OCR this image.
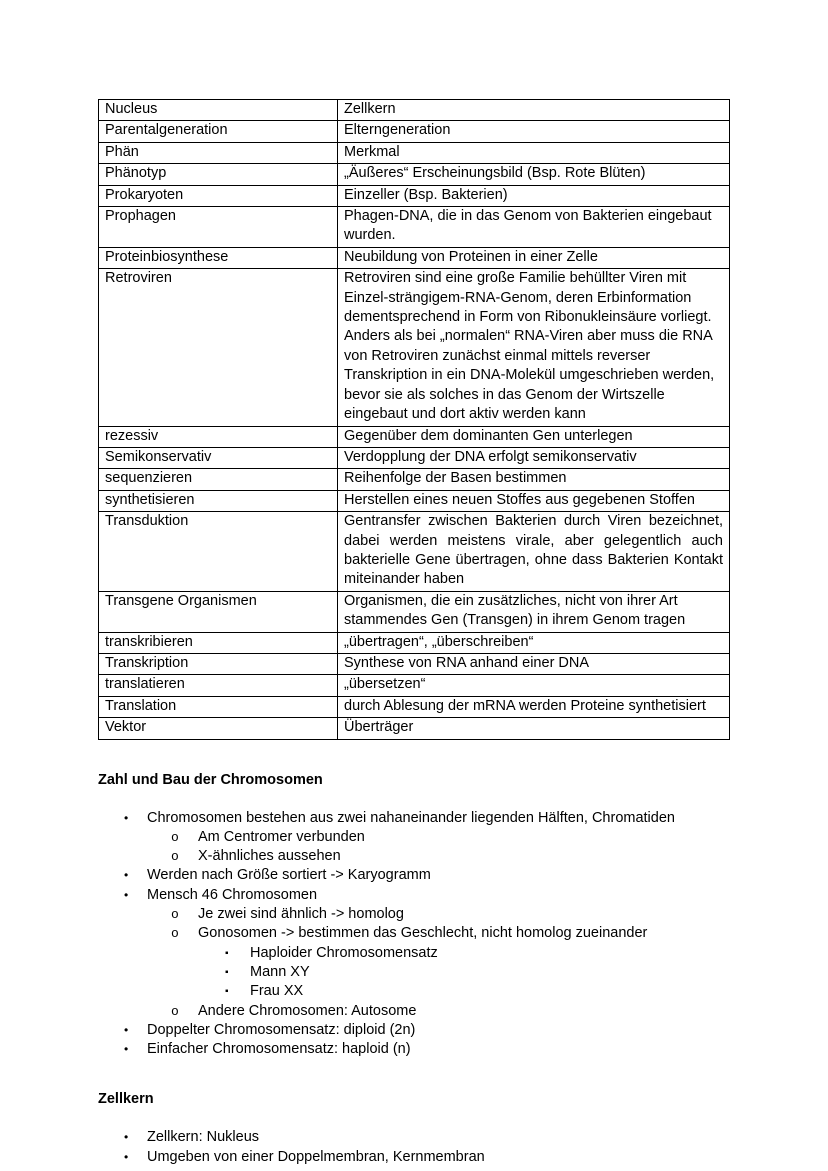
Nucleus	Zellkern
Parentalgeneration	Elterngeneration
Phän	Merkmal
Phänotyp	„Äußeres“ Erscheinungsbild (Bsp. Rote Blüten)
Prokaryoten	Einzeller (Bsp. Bakterien)
Prophagen	Phagen-DNA, die in das Genom von Bakterien eingebaut wurden.
Proteinbiosynthese	Neubildung von Proteinen in einer Zelle
Retroviren	Retroviren sind eine große Familie behüllter Viren mit Einzel-strängigem-RNA-Genom, deren Erbinformation dementsprechend in Form von Ribonukleinsäure vorliegt. Anders als bei „normalen“ RNA-Viren aber muss die RNA von Retroviren zunächst einmal mittels reverser Transkription in ein DNA-Molekül umgeschrieben werden, bevor sie als solches in das Genom der Wirtszelle eingebaut und dort aktiv werden kann
rezessiv	Gegenüber dem dominanten Gen unterlegen
Semikonservativ	Verdopplung der DNA erfolgt semikonservativ
sequenzieren	Reihenfolge der Basen bestimmen
synthetisieren	Herstellen eines neuen Stoffes aus gegebenen Stoffen
Transduktion	Gentransfer zwischen Bakterien durch Viren bezeichnet, dabei werden meistens virale, aber gelegentlich auch bakterielle Gene übertragen, ohne dass Bakterien Kontakt miteinander haben
Transgene Organismen	Organismen, die ein zusätzliches, nicht von ihrer Art stammendes Gen (Transgen) in ihrem Genom tragen
transkribieren	„übertragen“, „überschreiben“
Transkription	Synthese von RNA anhand einer DNA
translatieren	„übersetzen“
Translation	durch Ablesung der mRNA werden Proteine synthetisiert
Vektor	Überträger
Zahl und Bau der Chromosomen
•	Chromosomen bestehen aus zwei nahaneinander liegenden Hälften, Chromatiden
o	Am Centromer verbunden
o	X-ähnliches aussehen
•	Werden nach Größe sortiert -> Karyogramm
•	Mensch 46 Chromosomen
o	Je zwei sind ähnlich -> homolog
o	Gonosomen -> bestimmen das Geschlecht, nicht homolog zueinander
▪	Haploider Chromosomensatz
▪	Mann XY
▪	Frau XX
o	Andere Chromosomen: Autosome
•	Doppelter Chromosomensatz: diploid (2n)
•	Einfacher Chromosomensatz: haploid (n)
Zellkern
•	Zellkern: Nukleus
•	Umgeben von einer Doppelmembran, Kernmembran
